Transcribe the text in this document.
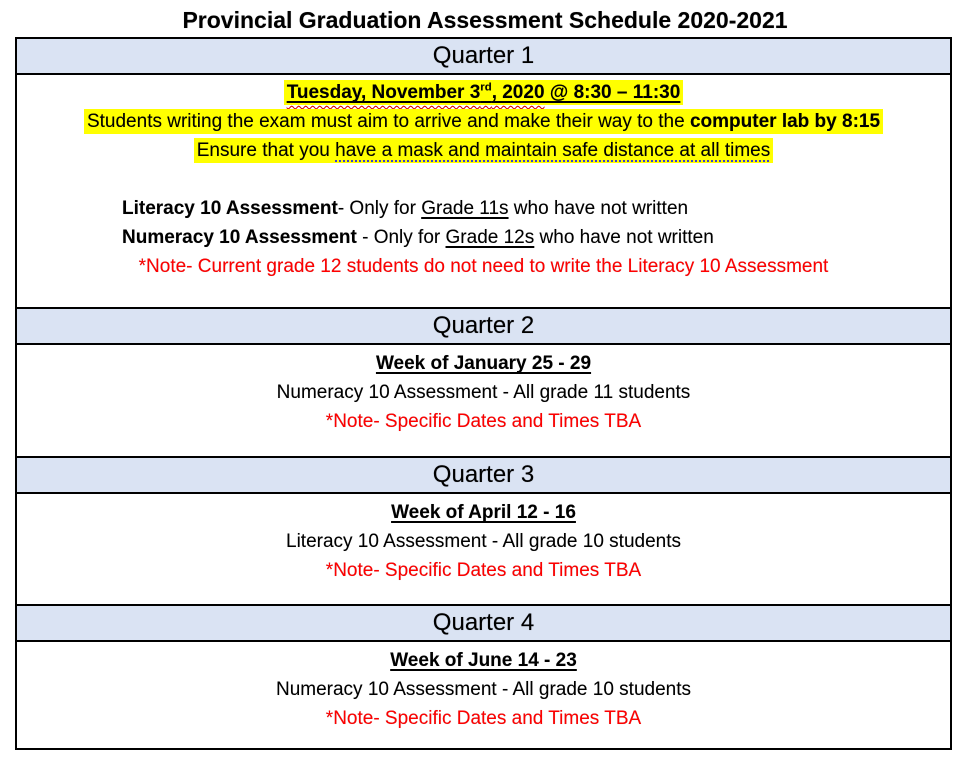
Provincial Graduation Assessment Schedule 2020-2021
Quarter 1
Tuesday, November 3rd, 2020 @ 8:30 – 11:30
Students writing the exam must aim to arrive and make their way to the computer lab by 8:15
Ensure that you have a mask and maintain safe distance at all times
Literacy 10 Assessment- Only for Grade 11s who have not written
Numeracy 10 Assessment - Only for Grade 12s who have not written
*Note- Current grade 12 students do not need to write the Literacy 10 Assessment
Quarter 2
Week of January 25 - 29
Numeracy 10 Assessment - All grade 11 students
*Note- Specific Dates and Times TBA
Quarter 3
Week of April 12 - 16
Literacy 10 Assessment - All grade 10 students
*Note- Specific Dates and Times TBA
Quarter 4
Week of June 14 - 23
Numeracy 10 Assessment - All grade 10 students
*Note- Specific Dates and Times TBA
